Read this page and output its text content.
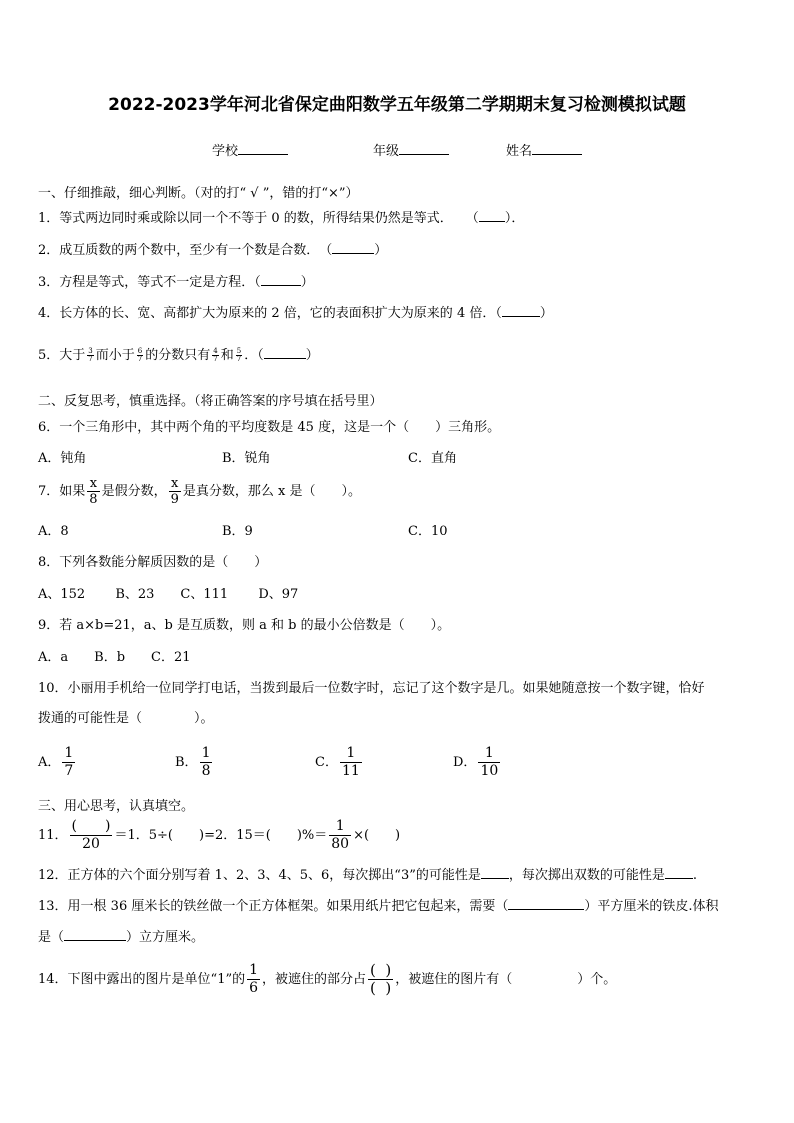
2022-2023学年河北省保定曲阳数学五年级第二学期期末复习检测模拟试题
学校	年级	姓名
一、仔细推敲，细心判断。（对的打“ √ ”，错的打“×”）
1．等式两边同时乘或除以同一个不等于 0 的数，所得结果仍然是等式．　　（ ）．
2．成互质数的两个数中，至少有一个数是合数．　（	）
3．方程是等式，等式不一定是方程．（	）
4．长方体的长、宽、高都扩大为原来的 2 倍，它的表面积扩大为原来的 4 倍．（	）
5．大于 $\frac{3}{7}$ 而小于 $\frac{6}{7}$ 的分数只有 $\frac{4}{7}$ 和 $\frac{5}{7}$ ．（	）
二、反复思考，慎重选择。（将正确答案的序号填在括号里）
6．一个三角形中，其中两个角的平均度数是 45 度，这是一个（　　）三角形。
A．钝角	B．锐角	C．直角
7．如果 $\frac{x}{8}$ 是假分数， $\frac{x}{9}$ 是真分数，那么 x 是（　　）。
A．8	B．9	C．10
8．下列各数能分解质因数的是（　　）
A、152　　 B、23　　C、111　　 D、97
9．若 a×b=21，a、b 是互质数，则 a 和 b 的最小公倍数是（　　）。
A．a　　B．b　　C．21
10．小丽用手机给一位同学打电话，当拨到最后一位数字时，忘记了这个数字是几。如果她随意按一个数字键，恰好
拨通的可能性是（　　　　）。
A． $\frac{1}{7}$	B． $\frac{1}{8}$	C． $\frac{1}{11}$	D． $\frac{1}{10}$
三、用心思考，认真填空。
11． $\frac{( )}{20} =1$．5÷(　　)=2．15＝(　　)%＝ $\frac{1}{80}$ ×(　　)
12．正方体的六个面分别写着 1、2、3、4、5、6，每次掷出“3”的可能性是 ，每次掷出双数的可能性是 .
13．用一根 36 厘米长的铁丝做一个正方体框架。如果用纸片把它包起来，需要（	）平方厘米的铁皮.体积
是（	）立方厘米。
14．下图中露出的图片是单位“1”的 $\frac{1}{6}$ ，被遮住的部分占 $\frac{( )}{( )}$ ，被遮住的图片有（　　　　　）个。
